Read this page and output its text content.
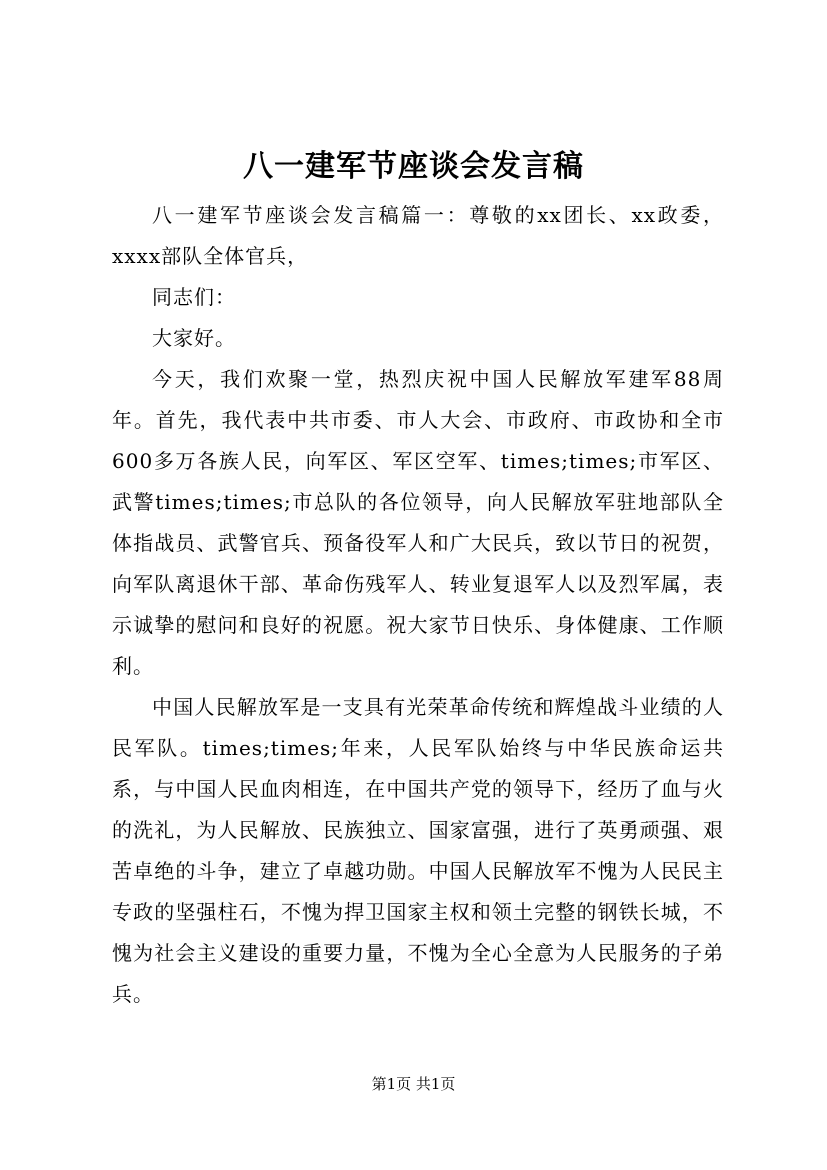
八一建军节座谈会发言稿

八一建军节座谈会发言稿篇一：尊敬的xx团长、xx政委，xxxx部队全体官兵，

同志们：

大家好。

今天，我们欢聚一堂，热烈庆祝中国人民解放军建军88周年。首先，我代表中共市委、市人大会、市政府、市政协和全市600多万各族人民，向军区、军区空军、times;times;市军区、武警times;times;市总队的各位领导，向人民解放军驻地部队全体指战员、武警官兵、预备役军人和广大民兵，致以节日的祝贺，向军队离退休干部、革命伤残军人、转业复退军人以及烈军属，表示诚挚的慰问和良好的祝愿。祝大家节日快乐、身体健康、工作顺利。

中国人民解放军是一支具有光荣革命传统和辉煌战斗业绩的人民军队。times;times;年来，人民军队始终与中华民族命运共系，与中国人民血肉相连，在中国共产党的领导下，经历了血与火的洗礼，为人民解放、民族独立、国家富强，进行了英勇顽强、艰苦卓绝的斗争，建立了卓越功勋。中国人民解放军不愧为人民民主专政的坚强柱石，不愧为捍卫国家主权和领土完整的钢铁长城，不愧为社会主义建设的重要力量，不愧为全心全意为人民服务的子弟兵。

第1页 共1页
